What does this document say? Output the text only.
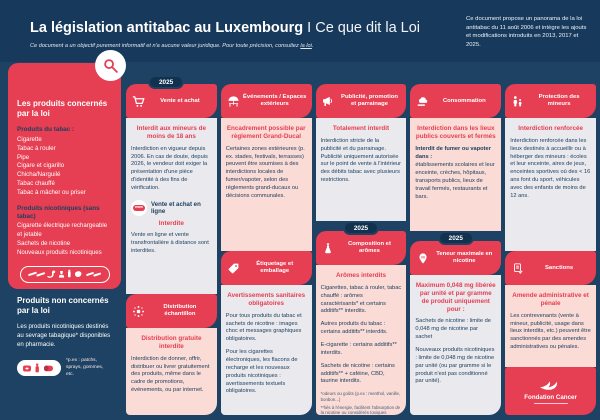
La législation antitabac au Luxembourg I Ce que dit la Loi
Ce document a un objectif purement informatif et n'a aucune valeur juridique. Pour toute précision, consultez la loi.
Ce document propose un panorama de la loi antitabac du 11 août 2006 et intègre les ajouts et modifications introduits en 2013, 2017 et 2025.
Les produits concernés par la loi
Produits du tabac :
Cigarette
Tabac à rouler
Pipe
Cigare et cigarillo
Chicha/Narguilé
Tabac chauffé
Tabac à mâcher ou priser
Produits nicotiniques (sans tabac)
Cigarette électrique rechargeable et jetable
Sachets de nicotine
Nouveaux produits nicotiniques
Produits non concernés par la loi
Les produits nicotiniques destinés au sevrage tabagique* disponibles en pharmacie.
*p.ex : patchs, sprays, gommes, etc.
2025
Vente et achat
Interdit aux mineurs de moins de 18 ans

Interdiction en vigueur depuis 2006. En cas de doute, depuis 2026, le vendeur doit exiger la présentation d'une pièce d'identité à des fins de vérification.

www	Vente et achat en ligne
Interdite

Vente en ligne et vente transfrontalière à distance sont interdites.

Distribution échantillon
Distribution gratuite interdite

Interdiction de donner, offrir, distribuer ou livrer gratuitement des produits, même dans le cadre de promotions, événements, ou par internet.

Événements / Espaces extérieurs
Encadrement possible par règlement Grand-Ducal

Certaines zones extérieures (p. ex. stades, festivals, terrasses) peuvent être soumises à des interdictions locales de fumer/vapoter, selon des règlements grand-ducaux ou décisions communales.

Étiquetage et emballage
Avertissements sanitaires obligatoires

Pour tous produits du tabac et sachets de nicotine : images choc et messages graphiques obligatoires.

Pour les cigarettes électroniques, les flacons de recharge et les nouveaux produits nicotiniques : avertissements textuels obligatoires.

Publicité, promotion et parrainage
Totalement interdit

Interdiction stricte de la publicité et du parrainage. Publicité uniquement autorisée sur le point de vente à l'intérieur des débits tabac avec plusieurs restrictions.

2025
Composition et arômes
Arômes interdits

Cigarettes, tabac à rouler, tabac chauffé : arômes caractérisants* et certains additifs** interdits.

Autres produits du tabac : certains additifs** interdits.

E-cigarette : certains additifs** interdits.

Sachets de nicotine : certains additifs** + caféine, CBD, taurine interdits.

*odeurs ou goûts (p.ex : menthol, vanille, bonbon...)
**liés à l'énergie, facilitent l'absorption de la nicotine ou considérés toxiques
Consommation
Interdiction dans les lieux publics couverts et fermés

Interdit de fumer ou vapoter dans :

établissements scolaires et leur enceinte, crèches, hôpitaux, transports publics, lieux de travail fermés, restaurants et bars.

2025
Ni	Teneur maximale en nicotine
Maximum 0,048 mg libérée par unité et par gramme de produit uniquement pour :

Sachets de nicotine : limite de 0,048 mg de nicotine par sachet

Nouveaux produits nicotiniques : limite de 0,048 mg de nicotine par unité (ou par gramme si le produit n'est pas conditionné par unité).

Protection des mineurs
Interdiction renforcée

Interdiction renforcée dans les lieux destinés à accueillir ou à héberger des mineurs : écoles et leur enceinte, aires de jeux, enceintes sportives où des < 16 ans font du sport, véhicules avec des enfants de moins de 12 ans.

Sanctions
Amende administrative et pénale

Les contrevenants (vente à mineur, publicité, usage dans lieux interdits, etc.) peuvent être sanctionnés par des amendes administratives ou pénales.

Fondation Cancer
